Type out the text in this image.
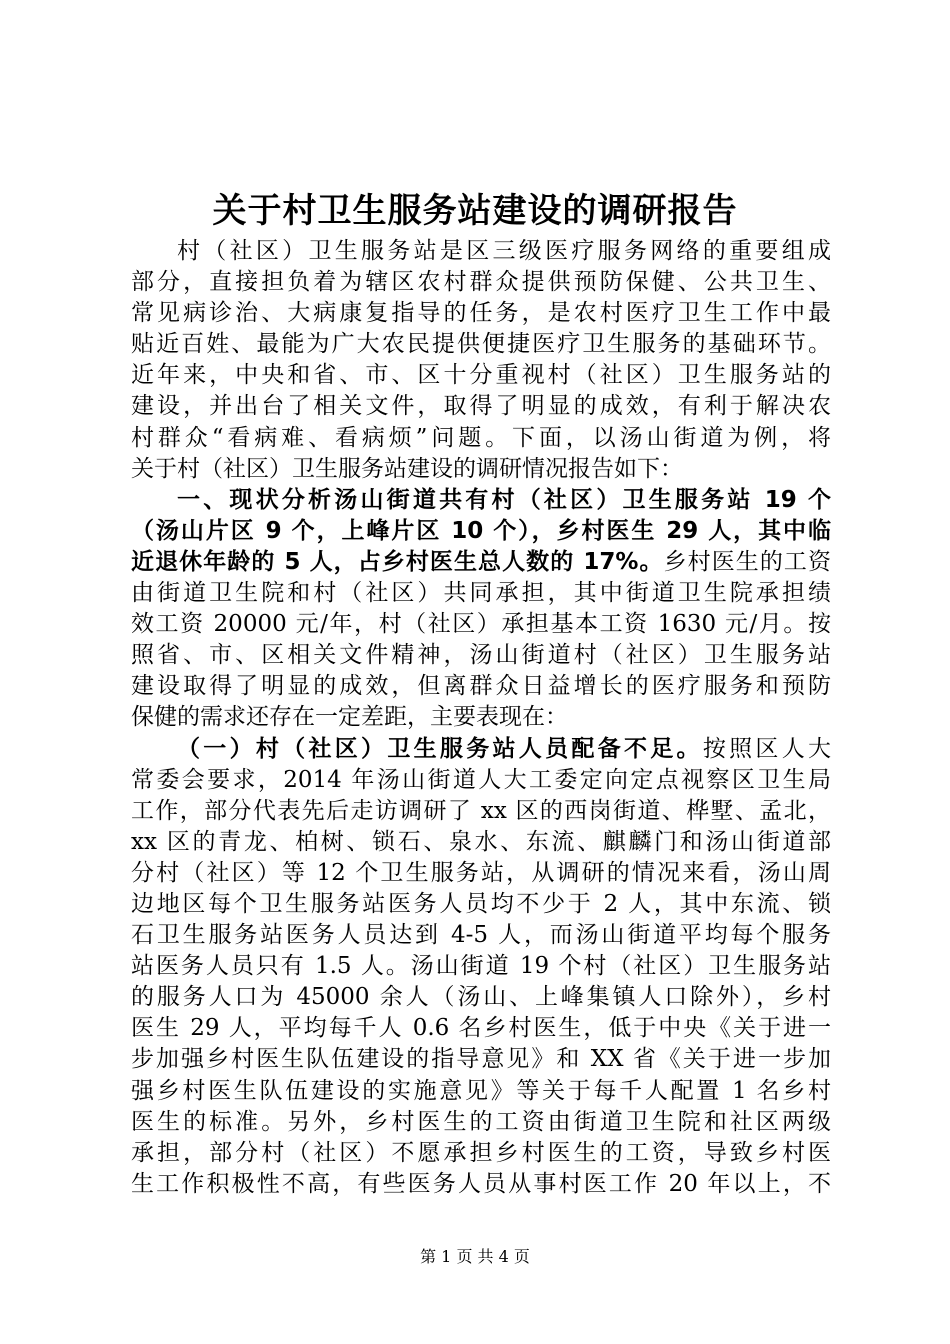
关于村卫生服务站建设的调研报告
村（社区）卫生服务站是区三级医疗服务网络的重要组成
部分，直接担负着为辖区农村群众提供预防保健、公共卫生、
常见病诊治、大病康复指导的任务，是农村医疗卫生工作中最
贴近百姓、最能为广大农民提供便捷医疗卫生服务的基础环节。
近年来，中央和省、市、区十分重视村（社区）卫生服务站的
建设，并出台了相关文件，取得了明显的成效，有利于解决农
村群众“看病难、看病烦”问题。下面，以汤山街道为例，将
关于村（社区）卫生服务站建设的调研情况报告如下：
一、现状分析汤山街道共有村（社区）卫生服务站 19 个
（汤山片区 9 个，上峰片区 10 个），乡村医生 29 人，其中临
近退休年龄的 5 人，占乡村医生总人数的 17%。乡村医生的工资
由街道卫生院和村（社区）共同承担，其中街道卫生院承担绩
效工资 20000 元/年，村（社区）承担基本工资 1630 元/月。按
照省、市、区相关文件精神，汤山街道村（社区）卫生服务站
建设取得了明显的成效，但离群众日益增长的医疗服务和预防
保健的需求还存在一定差距，主要表现在：
（一）村（社区）卫生服务站人员配备不足。按照区人大
常委会要求，2014 年汤山街道人大工委定向定点视察区卫生局
工作，部分代表先后走访调研了 xx 区的西岗街道、桦墅、孟北，
xx 区的青龙、柏树、锁石、泉水、东流、麒麟门和汤山街道部
分村（社区）等 12 个卫生服务站，从调研的情况来看，汤山周
边地区每个卫生服务站医务人员均不少于 2 人，其中东流、锁
石卫生服务站医务人员达到 4-5 人，而汤山街道平均每个服务
站医务人员只有 1.5 人。汤山街道 19 个村（社区）卫生服务站
的服务人口为 45000 余人（汤山、上峰集镇人口除外），乡村
医生 29 人，平均每千人 0.6 名乡村医生，低于中央《关于进一
步加强乡村医生队伍建设的指导意见》和 XX 省《关于进一步加
强乡村医生队伍建设的实施意见》等关于每千人配置 1 名乡村
医生的标准。另外，乡村医生的工资由街道卫生院和社区两级
承担，部分村（社区）不愿承担乡村医生的工资，导致乡村医
生工作积极性不高，有些医务人员从事村医工作 20 年以上，不
第 1 页 共 4 页
